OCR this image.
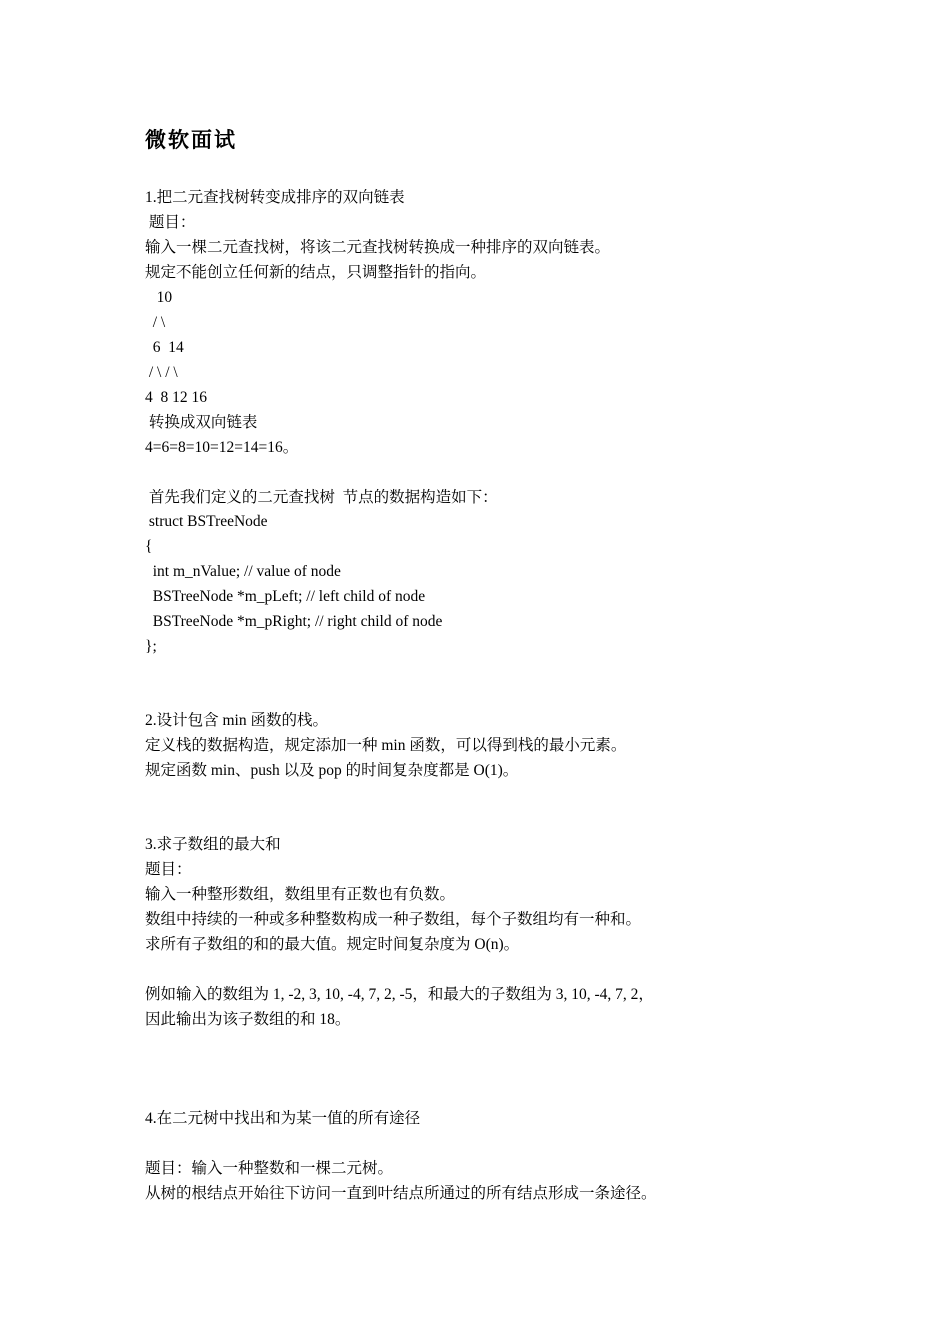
微软面试
1.把二元查找树转变成排序的双向链表
题目：
输入一棵二元查找树，将该二元查找树转换成一种排序的双向链表。
规定不能创立任何新的结点，只调整指针的指向。
10
/ \
6  14
/ \ / \
4  8 12 16
转换成双向链表
4=6=8=10=12=14=16。
首先我们定义的二元查找树  节点的数据构造如下：
struct BSTreeNode
{
int m_nValue; // value of node
BSTreeNode *m_pLeft; // left child of node
BSTreeNode *m_pRight; // right child of node
};
2.设计包含 min 函数的栈。
定义栈的数据构造，规定添加一种 min 函数，可以得到栈的最小元素。
规定函数 min、push 以及 pop 的时间复杂度都是 O(1)。
3.求子数组的最大和
题目：
输入一种整形数组，数组里有正数也有负数。
数组中持续的一种或多种整数构成一种子数组，每个子数组均有一种和。
求所有子数组的和的最大值。规定时间复杂度为 O(n)。
例如输入的数组为 1, -2, 3, 10, -4, 7, 2, -5，和最大的子数组为 3, 10, -4, 7, 2，
因此输出为该子数组的和 18。
4.在二元树中找出和为某一值的所有途径
题目：输入一种整数和一棵二元树。
从树的根结点开始往下访问一直到叶结点所通过的所有结点形成一条途径。
